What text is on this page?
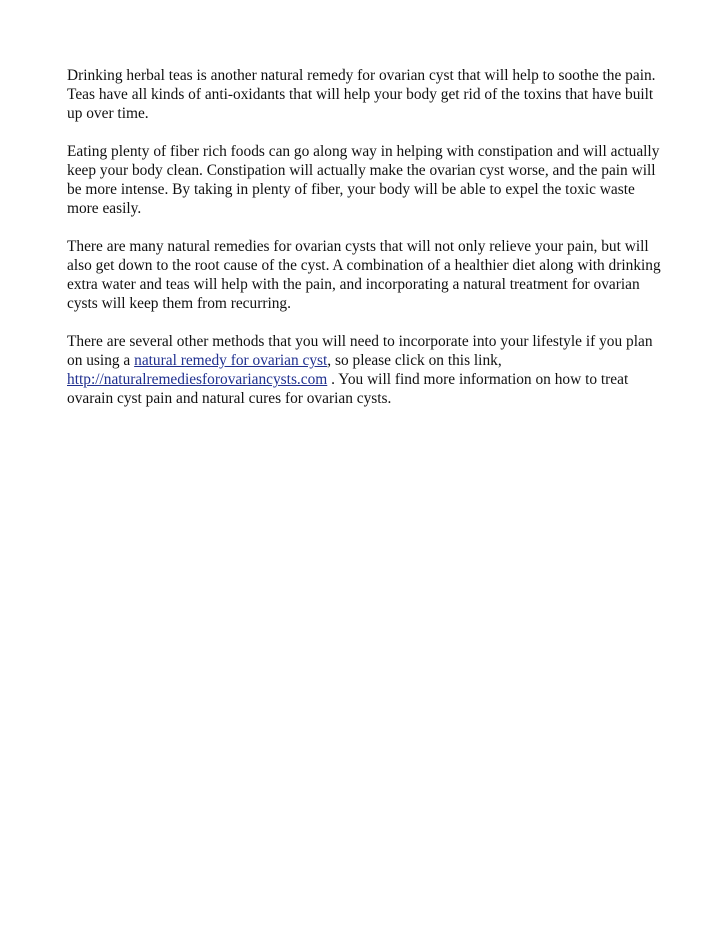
Drinking herbal teas is another natural remedy for ovarian cyst that will help to soothe the pain. Teas have all kinds of anti-oxidants that will help your body get rid of the toxins that have built up over time.

Eating plenty of fiber rich foods can go along way in helping with constipation and will actually keep your body clean. Constipation will actually make the ovarian cyst worse, and the pain will be more intense. By taking in plenty of fiber, your body will be able to expel the toxic waste more easily.

There are many natural remedies for ovarian cysts that will not only relieve your pain, but will also get down to the root cause of the cyst. A combination of a healthier diet along with drinking extra water and teas will help with the pain, and incorporating a natural treatment for ovarian cysts will keep them from recurring.

There are several other methods that you will need to incorporate into your lifestyle if you plan on using a natural remedy for ovarian cyst, so please click on this link, http://naturalremediesforovariancysts.com . You will find more information on how to treat ovarain cyst pain and natural cures for ovarian cysts.
